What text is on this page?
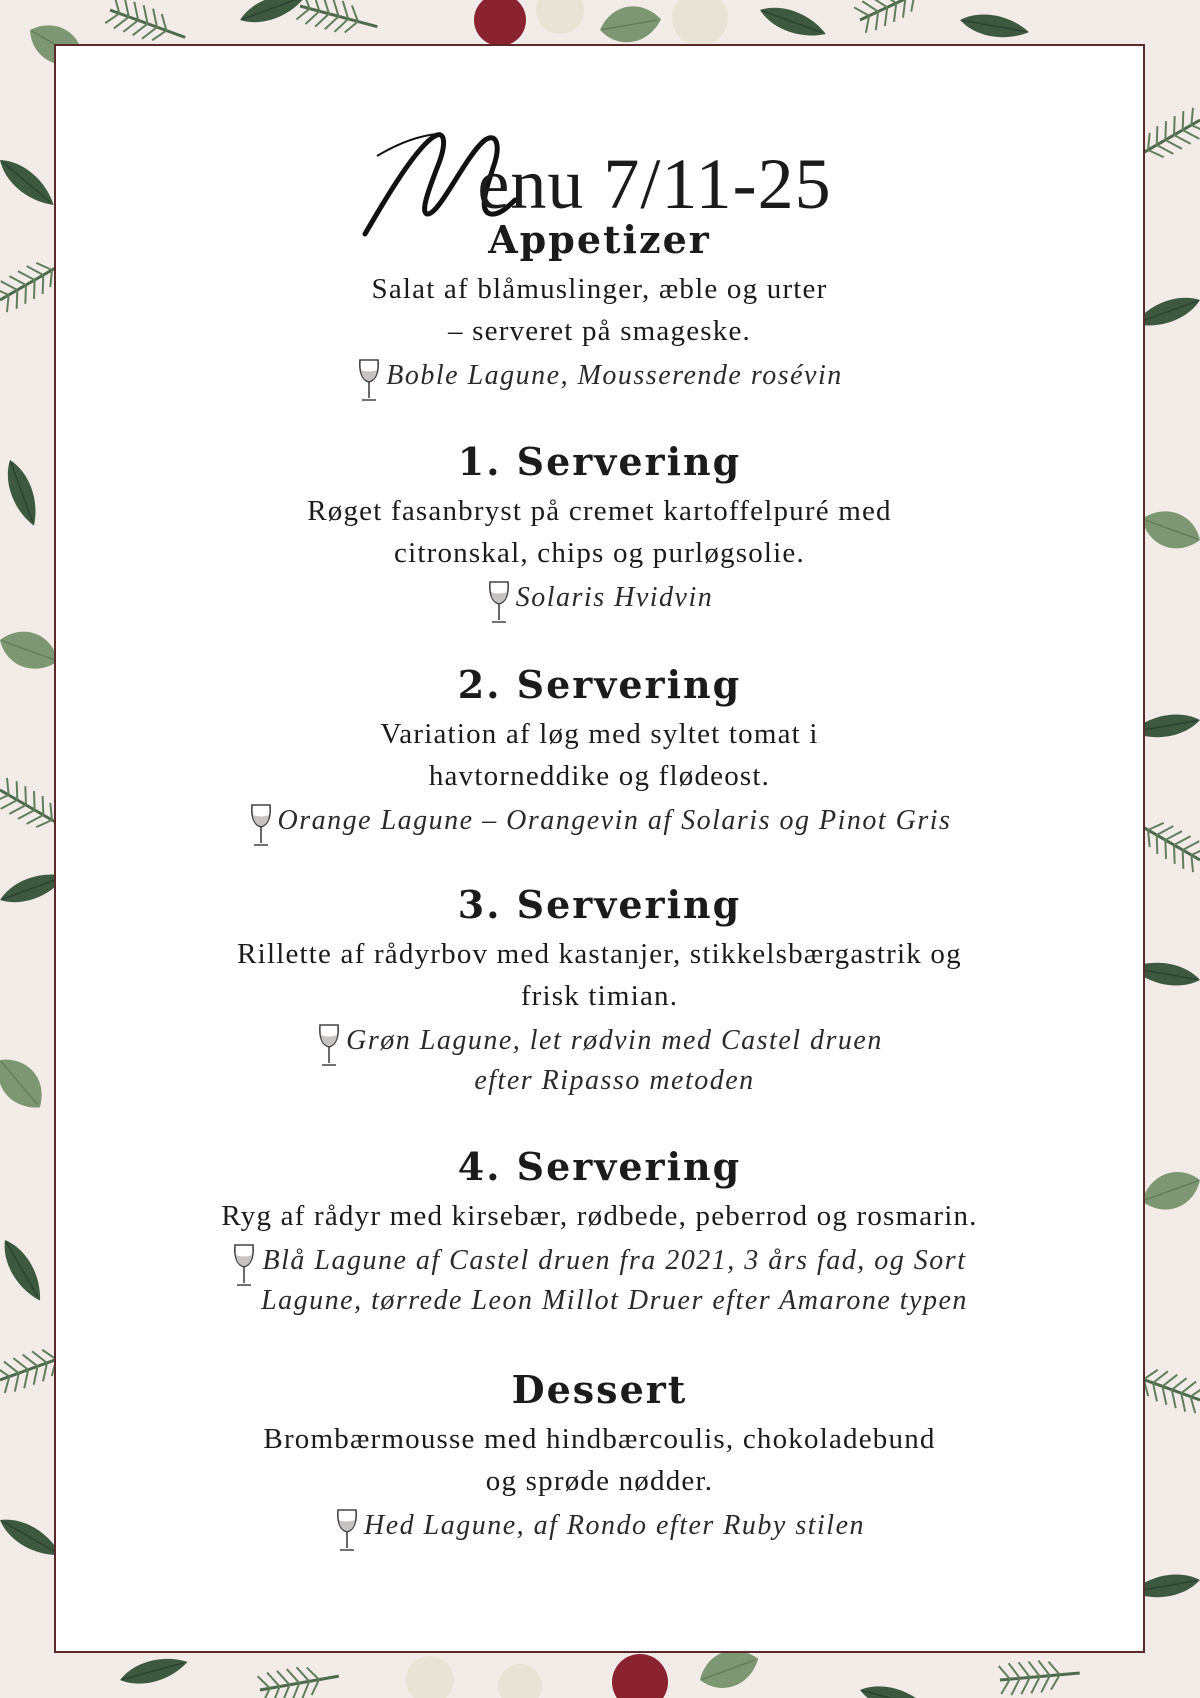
enu 7/11-25
Appetizer
Salat af blåmuslinger, æble og urter
– serveret på smageske.
Boble Lagune, Mousserende rosévin
1. Servering
Røget fasanbryst på cremet kartoffelpuré med
citronskal, chips og purløgsolie.
Solaris Hvidvin
2. Servering
Variation af løg med syltet tomat i
havtorneddike og flødeost.
Orange Lagune – Orangevin af Solaris og Pinot Gris
3. Servering
Rillette af rådyrbov med kastanjer, stikkelsbærgastrik og
frisk timian.
Grøn Lagune, let rødvin med Castel druen
efter Ripasso metoden
4. Servering
Ryg af rådyr med kirsebær, rødbede, peberrod og rosmarin.
Blå Lagune af Castel druen fra 2021, 3 års fad, og Sort
Lagune, tørrede Leon Millot Druer efter Amarone typen
Dessert
Brombærmousse med hindbærcoulis, chokoladebund
og sprøde nødder.
Hed Lagune, af Rondo efter Ruby stilen
